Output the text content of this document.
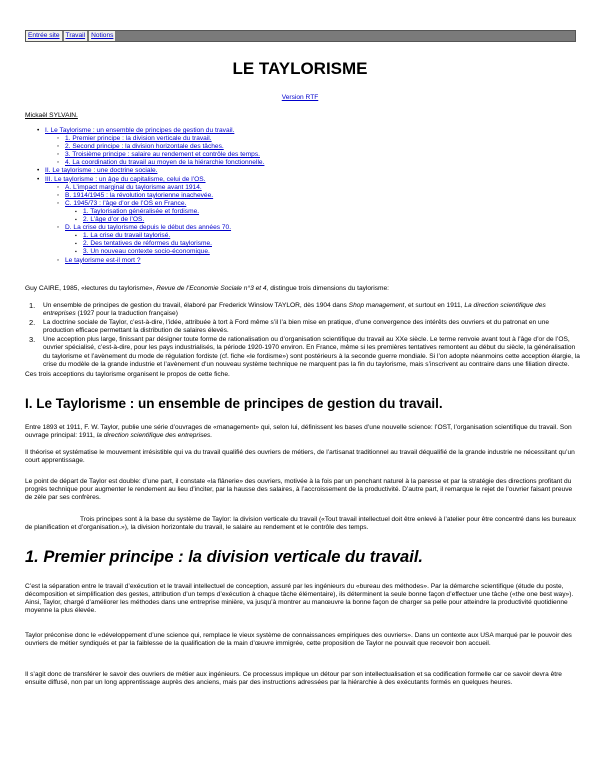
Entrée site Travail Notions
LE TAYLORISME
Version RTF
Mickaël SYLVAIN.
• I. Le Taylorisme : un ensemble de principes de gestion du travail.
◦ 1. Premier principe : la division verticale du travail.
◦ 2. Second principe : la division horizontale des tâches.
◦ 3. Troisième principe : salaire au rendement et contrôle des temps.
◦ 4. La coordination du travail au moyen de la hiérarchie fonctionnelle.
• II. Le taylorisme : une doctrine sociale.
• III. Le taylorisme : un âge du capitalisme, celui de l’OS.
◦ A. L’impact marginal du taylorisme avant 1914.
◦ B. 1914/1945 : la révolution taylorienne inachevée.
◦ C. 1945/73 : l’âge d’or de l’OS en France.
▪ 1. Taylorisation généralisée et fordisme.
▪ 2. L’âge d’or de l’OS.
◦ D. La crise du taylorisme depuis le début des années 70.
▪ 1. La crise du travail taylorisé.
▪ 2. Des tentatives de réformes du taylorisme.
▪ 3. Un nouveau contexte socio-économique.
◦ Le taylorisme est-il mort ?
Guy CAIRE, 1985, «lectures du taylorisme», Revue de l’Economie Sociale n°3 et 4, distingue trois dimensions du taylorisme:
1. Un ensemble de principes de gestion du travail, élaboré par Frederick Winslow TAYLOR, dès 1904 dans Shop management, et surtout en 1911, La direction scientifique des entreprises (1927 pour la traduction française)
2. La doctrine sociale de Taylor, c’est-à-dire, l’idée, attribuée à tort à Ford même s’il l’a bien mise en pratique, d’une convergence des intérêts des ouvriers et du patronat en une production efficace permettant la distribution de salaires élevés.
3. Une acception plus large, finissant par désigner toute forme de rationalisation ou d’organisation scientifique du travail au XXe siècle. Le terme renvoie avant tout à l’âge d’or de l’OS, ouvrier spécialisé, c’est-à-dire, pour les pays industrialisés, la période 1920-1970 environ. En France, même si les premières tentatives remontent au début du siècle, la généralisation du taylorisme et l’avènement du mode de régulation fordiste (cf. fiche «le fordisme») sont postérieurs à la seconde guerre mondiale. Si l’on adopte néanmoins cette acception élargie, la crise du modèle de la grande industrie et l’avènement d’un nouveau système technique ne marquent pas la fin du taylorisme, mais s’inscrivent au contraire dans une filiation directe.
Ces trois acceptions du taylorisme organisent le propos de cette fiche.
I. Le Taylorisme : un ensemble de principes de gestion du travail.
Entre 1893 et 1911, F. W. Taylor, publie une série d’ouvrages de «management» qui, selon lui, définissent les bases d’une nouvelle science: l’OST, l’organisation scientifique du travail. Son ouvrage principal: 1911, la direction scientifique des entreprises.
Il théorise et systématise le mouvement irrésistible qui va du travail qualifié des ouvriers de métiers, de l’artisanat traditionnel au travail déqualifié de la grande industrie ne nécessitant qu’un court apprentissage.
Le point de départ de Taylor est double: d’une part, il constate «la flânerie» des ouvriers, motivée à la fois par un penchant naturel à la paresse et par la stratégie des directions profitant du progrès technique pour augmenter le rendement au lieu d’inciter, par la hausse des salaires, à l’accroissement de la productivité. D’autre part, il remarque le rejet de l’ouvrier faisant preuve de zèle par ses confrères.
Trois principes sont à la base du système de Taylor: la division verticale du travail («Tout travail intellectuel doit être enlevé à l’atelier pour être concentré dans les bureaux de planification et d’organisation.»), la division horizontale du travail, le salaire au rendement et le contrôle des temps.
1. Premier principe : la division verticale du travail.
C’est la séparation entre le travail d’exécution et le travail intellectuel de conception, assuré par les ingénieurs du «bureau des méthodes». Par la démarche scientifique (étude du poste, décomposition et simplification des gestes, attribution d’un temps d’exécution à chaque tâche élémentaire), ils déterminent la seule bonne façon d’effectuer une tâche («the one best way»). Ainsi, Taylor, chargé d’améliorer les méthodes dans une entreprise minière, va jusqu’à montrer au manœuvre la bonne façon de charger sa pelle pour atteindre la productivité quotidienne moyenne la plus élevée.
Taylor préconise donc le «développement d’une science qui, remplace le vieux système de connaissances empiriques des ouvriers». Dans un contexte aux USA marqué par le pouvoir des ouvriers de métier syndiqués et par la faiblesse de la qualification de la main d’œuvre immigrée, cette proposition de Taylor ne pouvait que recevoir bon accueil.
Il s’agit donc de transférer le savoir des ouvriers de métier aux ingénieurs. Ce processus implique un détour par son intellectualisation et sa codification formelle car ce savoir devra être ensuite diffusé, non par un long apprentissage auprès des anciens, mais par des instructions adressées par la hiérarchie à des exécutants formés en quelques heures.
